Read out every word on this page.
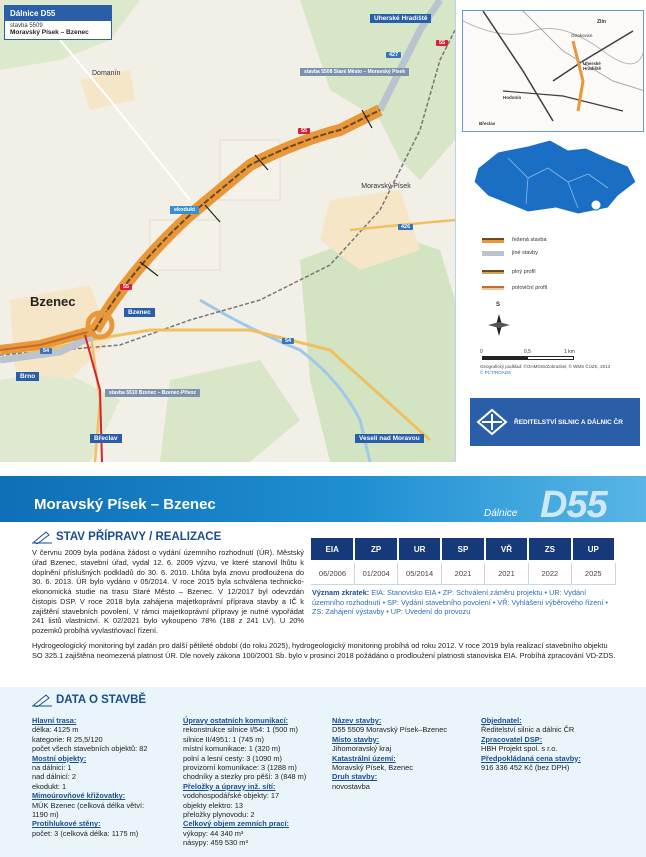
Dálnice D55
stavba 5509
Moravský Písek – Bzenec
Domanín
Moravský Písek
Bzenec
Uherské Hradiště
stavba 5508 Staré Město – Moravský Písek
ekodukt
Bzenec
Brno
stavba 5510 Bzenec – Bzenec-Přívoz
Břeclav	Veselí nad Moravou
55
55
55
427
54
54
426
Zlín
Otrokovice
Uherské Hradiště
Hodonín
Břeclav
řešená stavba
jiné stavby
plný profil
poloviční profil
S
0	0,5	1 km
Geografický podklad: ©GHMGIS/Zobrazitel, © WMS ČÚZK, 2013
© PCT/ROADS
ŘEDITELSTVÍ SILNIC A DÁLNIC ČR
Moravský Písek – Bzenec
Dálnice D55
STAV PŘÍPRAVY / REALIZACE
V červnu 2009 byla podána žádost o vydání územního rozhodnutí (ÚR). Městský úřad Bzenec, stavební úřad, vydal 12. 6. 2009 výzvu, ve které stanovil lhůtu k doplnění příslušných podkladů do 30. 6. 2010. Lhůta byla znovu prodloužena do 30. 6. 2013. ÚR bylo vydáno v 05/2014. V roce 2015 byla schválena technicko-ekonomická studie na trasu Staré Město – Bzenec. V 12/2017 byl odevzdán čistopis DSP. V roce 2018 byla zahájena majetkoprávní příprava stavby a IČ k zajištění stavebních povolení. V rámci majetkoprávní přípravy je nutné vypořádat 241 listů vlastnictví. K 02/2021 bylo vykoupeno 78% (188 z 241 LV). U 20% pozemků probíhá vyvlastňovací řízení.
Hydrogeologický monitoring byl zadán pro další pětileté období (do roku 2025), hydrogeologický monitoring probíhá od roku 2012. V roce 2019 byla realizací stavebního objektu SO 325.1 zajištěna neomezená platnost ÚR. Dle novely zákona 100/2001 Sb. bylo v prosinci 2018 požádáno o prodloužení platnosti stanoviska EIA. Probíhá zpracování VD-ZDS.
EIA	ZP	UR	SP	VŘ	ZS	UP

06/2006	01/2004	05/2014	2021	2021	2022	2025
Význam zkratek: EIA: Stanovisko EIA • ZP: Schválení záměru projektu • UR: Vydání územního rozhodnutí • SP: Vydání stavebního povolení • VŘ: Vyhlášení výběrového řízení • ZS: Zahájení výstavby • UP: Uvedení do provozu
DATA O STAVBĚ
Hlavní trasa:
délka: 4125 m
kategorie: R 25,5/120
počet všech stavebních objektů: 82
Mostní objekty:
na dálnici: 1
nad dálnicí: 2
ekodukt: 1
Mimoúrovňové křižovatky:
MÚK Bzenec (celková délka větví:
1190 m)
Protihlukové stěny:
počet: 3 (celková délka: 1175 m)
Úpravy ostatních komunikací:
rekonstrukce silnice I/54: 1 (500 m)
silnice II/4951: 1 (745 m)
místní komunikace: 1 (320 m)
polní a lesní cesty: 3 (1090 m)
provizorní komunikace: 3 (1288 m)
chodníky a stezky pro pěší: 3 (848 m)
Přeložky a úpravy inž. sítí:
vodohospodářské objekty: 17
objekty elektro: 13
přeložky plynovodu: 2
Celkový objem zemních prací:
výkopy: 44 340 m³
násypy: 459 530 m³
Název stavby:
D55 5509 Moravský Písek–Bzenec
Místo stavby:
Jihomoravský kraj
Katastrální území:
Moravský Písek, Bzenec
Druh stavby:
novostavba
Objednatel:
Ředitelství silnic a dálnic ČR
Zpracovatel DSP:
HBH Projekt spol. s r.o.
Předpokládaná cena stavby:
916 336 452 Kč (bez DPH)
